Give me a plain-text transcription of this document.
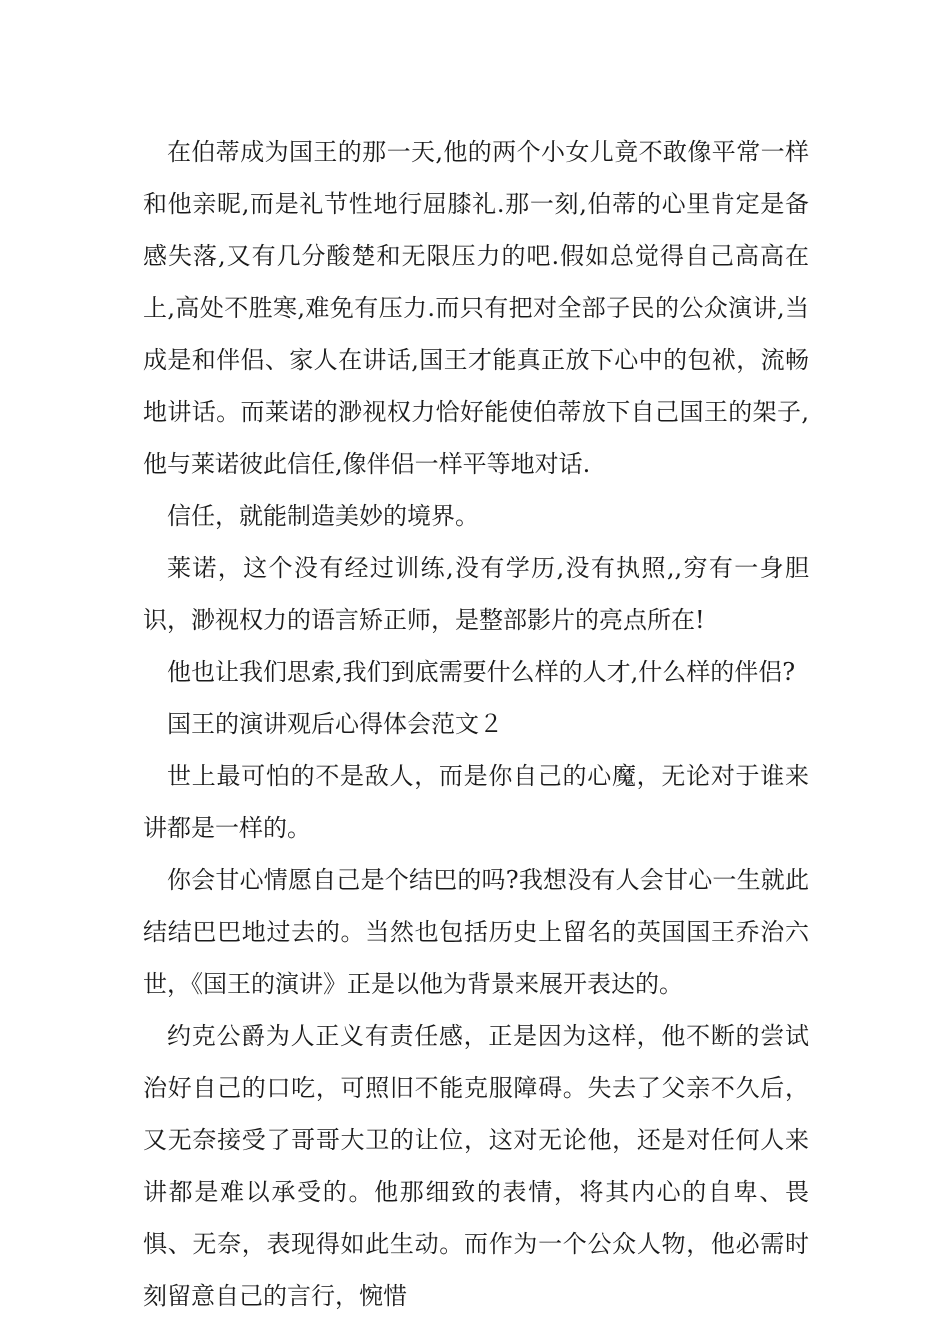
在伯蒂成为国王的那一天,他的两个小女儿竟不敢像平常一样和他亲昵,而是礼节性地行屈膝礼.那一刻,伯蒂的心里肯定是备感失落,又有几分酸楚和无限压力的吧.假如总觉得自己高高在上,高处不胜寒,难免有压力.而只有把对全部子民的公众演讲,当成是和伴侣、家人在讲话,国王才能真正放下心中的包袱，流畅地讲话。而莱诺的渺视权力恰好能使伯蒂放下自己国王的架子,他与莱诺彼此信任,像伴侣一样平等地对话.

信任，就能制造美妙的境界。

莱诺，这个没有经过训练,没有学历,没有执照,,穷有一身胆识，渺视权力的语言矫正师，是整部影片的亮点所在!

他也让我们思索,我们到底需要什么样的人才,什么样的伴侣?

国王的演讲观后心得体会范文２

世上最可怕的不是敌人，而是你自己的心魔，无论对于谁来讲都是一样的。

你会甘心情愿自己是个结巴的吗?我想没有人会甘心一生就此结结巴巴地过去的。当然也包括历史上留名的英国国王乔治六世，《国王的演讲》正是以他为背景来展开表达的。

约克公爵为人正义有责任感，正是因为这样，他不断的尝试治好自己的口吃，可照旧不能克服障碍。失去了父亲不久后，又无奈接受了哥哥大卫的让位，这对无论他，还是对任何人来讲都是难以承受的。他那细致的表情，将其内心的自卑、畏惧、无奈，表现得如此生动。而作为一个公众人物，他必需时刻留意自己的言行，惋惜
